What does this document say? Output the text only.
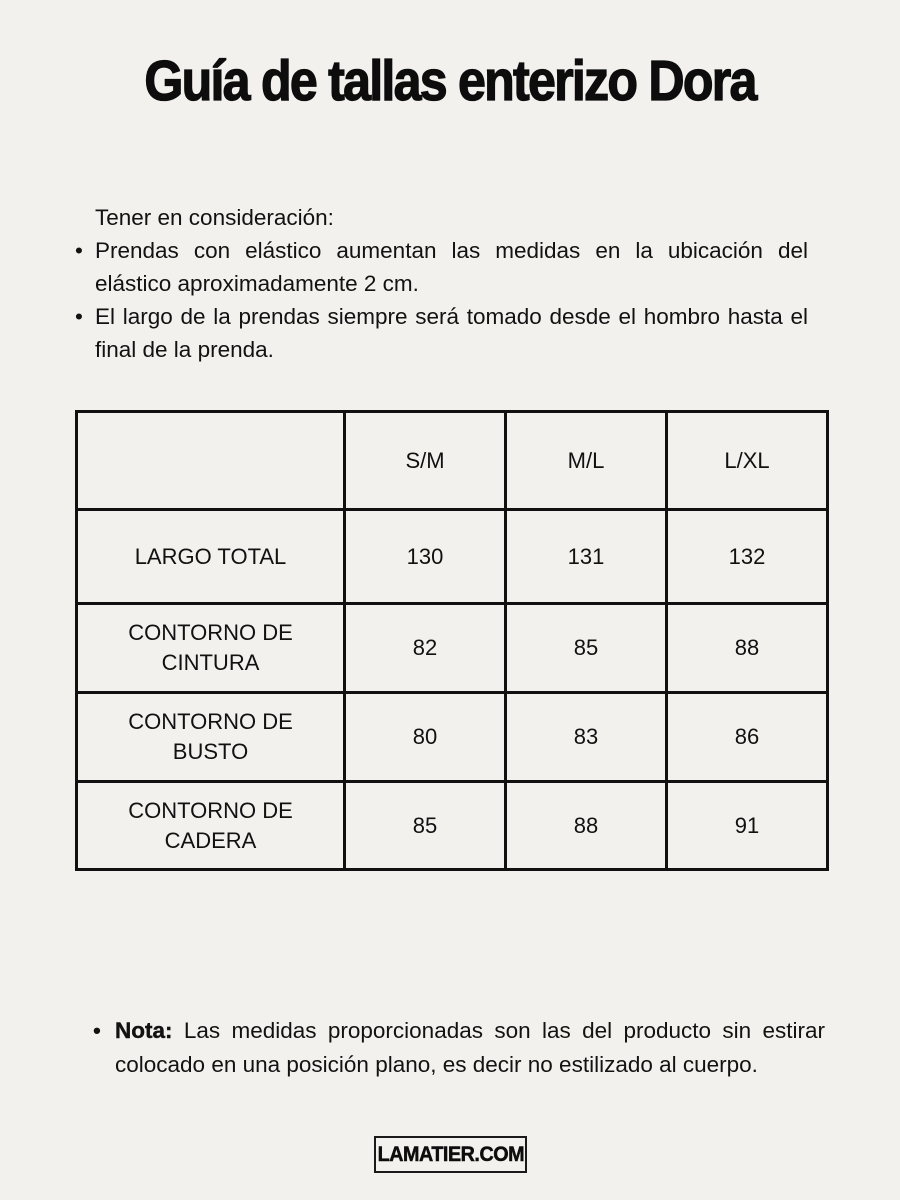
Guía de tallas enterizo Dora
Tener en consideración:
• Prendas con elástico aumentan las medidas en la ubicación del elástico aproximadamente 2 cm.
• El largo de la prendas siempre será tomado desde el hombro hasta el final de la prenda.
	S/M	M/L	L/XL
LARGO TOTAL	130	131	132
CONTORNO DE CINTURA	82	85	88
CONTORNO DE BUSTO	80	83	86
CONTORNO DE CADERA	85	88	91
• Nota: Las medidas proporcionadas son las del producto sin estirar colocado en una posición plano, es decir no estilizado al cuerpo.
LAMATIER.COM
